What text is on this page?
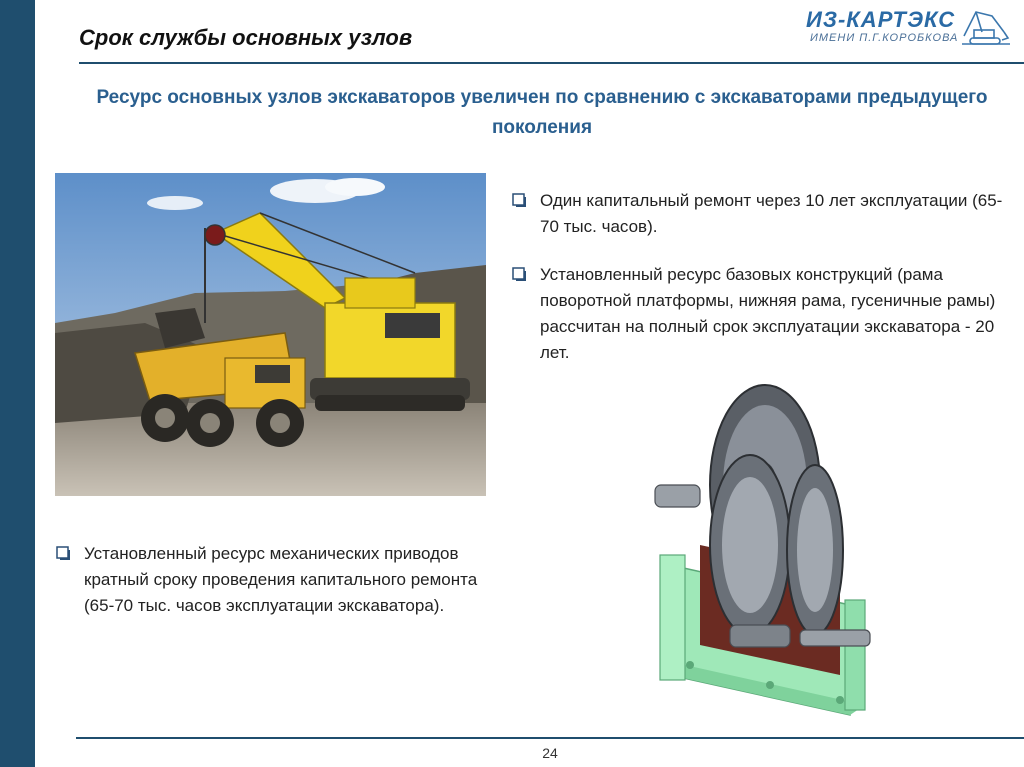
Срок службы основных узлов
ИЗ-КАРТЭКС
ИМЕНИ П.Г.КОРОБКОВА

Ресурс основных узлов экскаваторов увеличен по сравнению с экскаваторами предыдущего поколения

Один капитальный ремонт через 10 лет эксплуатации (65-70 тыс. часов).
Установленный ресурс базовых конструкций (рама поворотной платформы, нижняя рама, гусеничные рамы) рассчитан на полный срок эксплуатации экскаватора - 20 лет.
Установленный ресурс механических приводов кратный сроку проведения капитального ремонта (65-70 тыс. часов эксплуатации экскаватора).
24
